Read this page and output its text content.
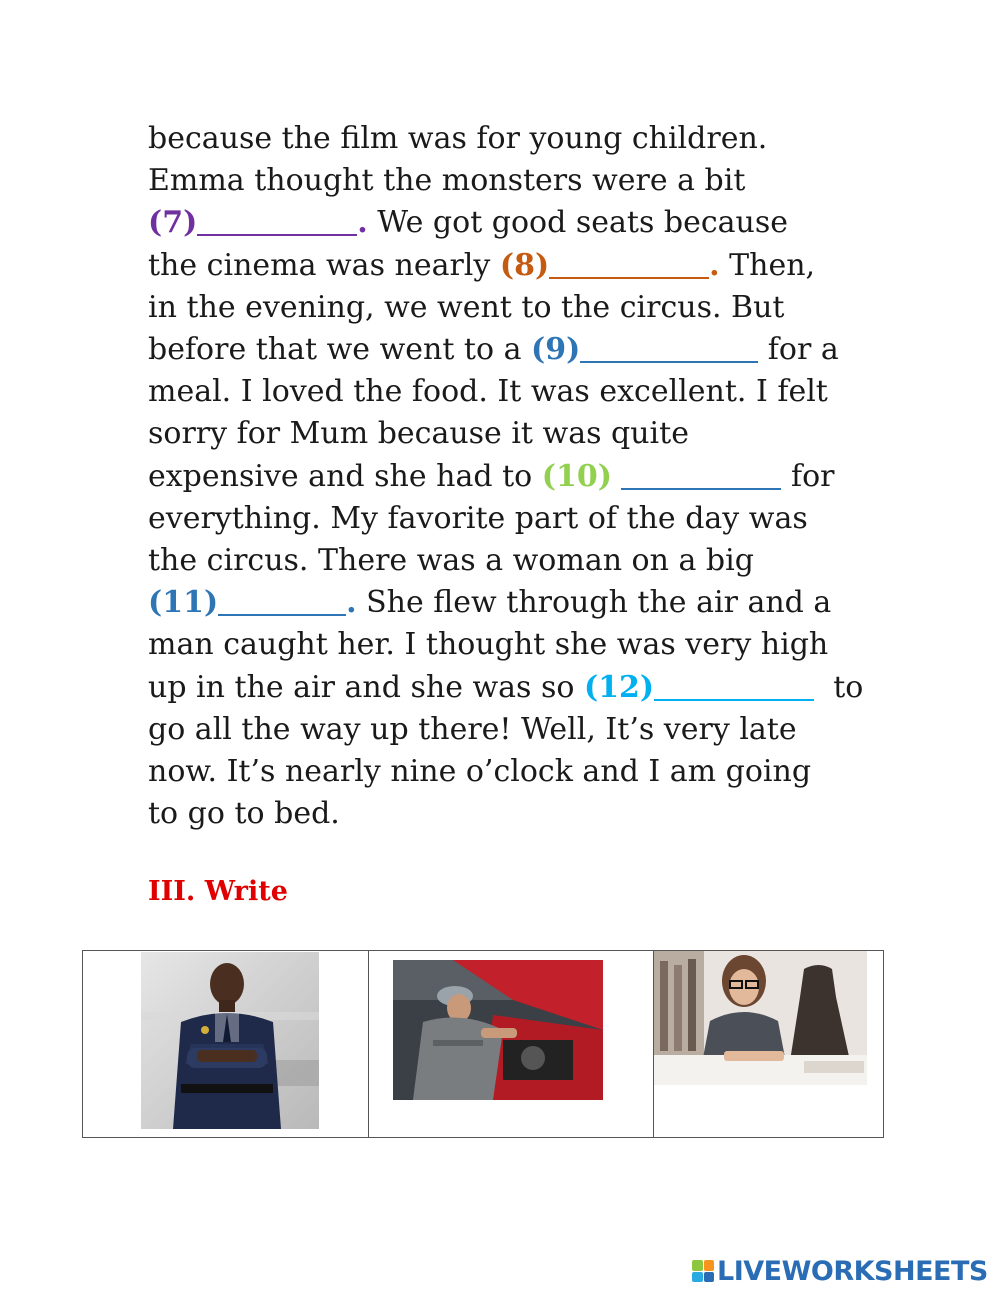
because the film was for young children.
Emma thought the monsters were a bit
(7)	. We got good seats because
the cinema was nearly (8)	. Then,
in the evening, we went to the circus. But
before that we went to a (9)	for a
meal. I loved the food. It was excellent. I felt
sorry for Mum because it was quite
expensive and she had to (10)	for
everything. My favorite part of the day was
the circus. There was a woman on a big
(11)	. She flew through the air and a
man caught her. I thought she was very high
up in the air and she was so (12)	to
go all the way up there! Well, It’s very late
now. It’s nearly nine o’clock and I am going
to go to bed.
III. Write

LIVEWORKSHEETS
